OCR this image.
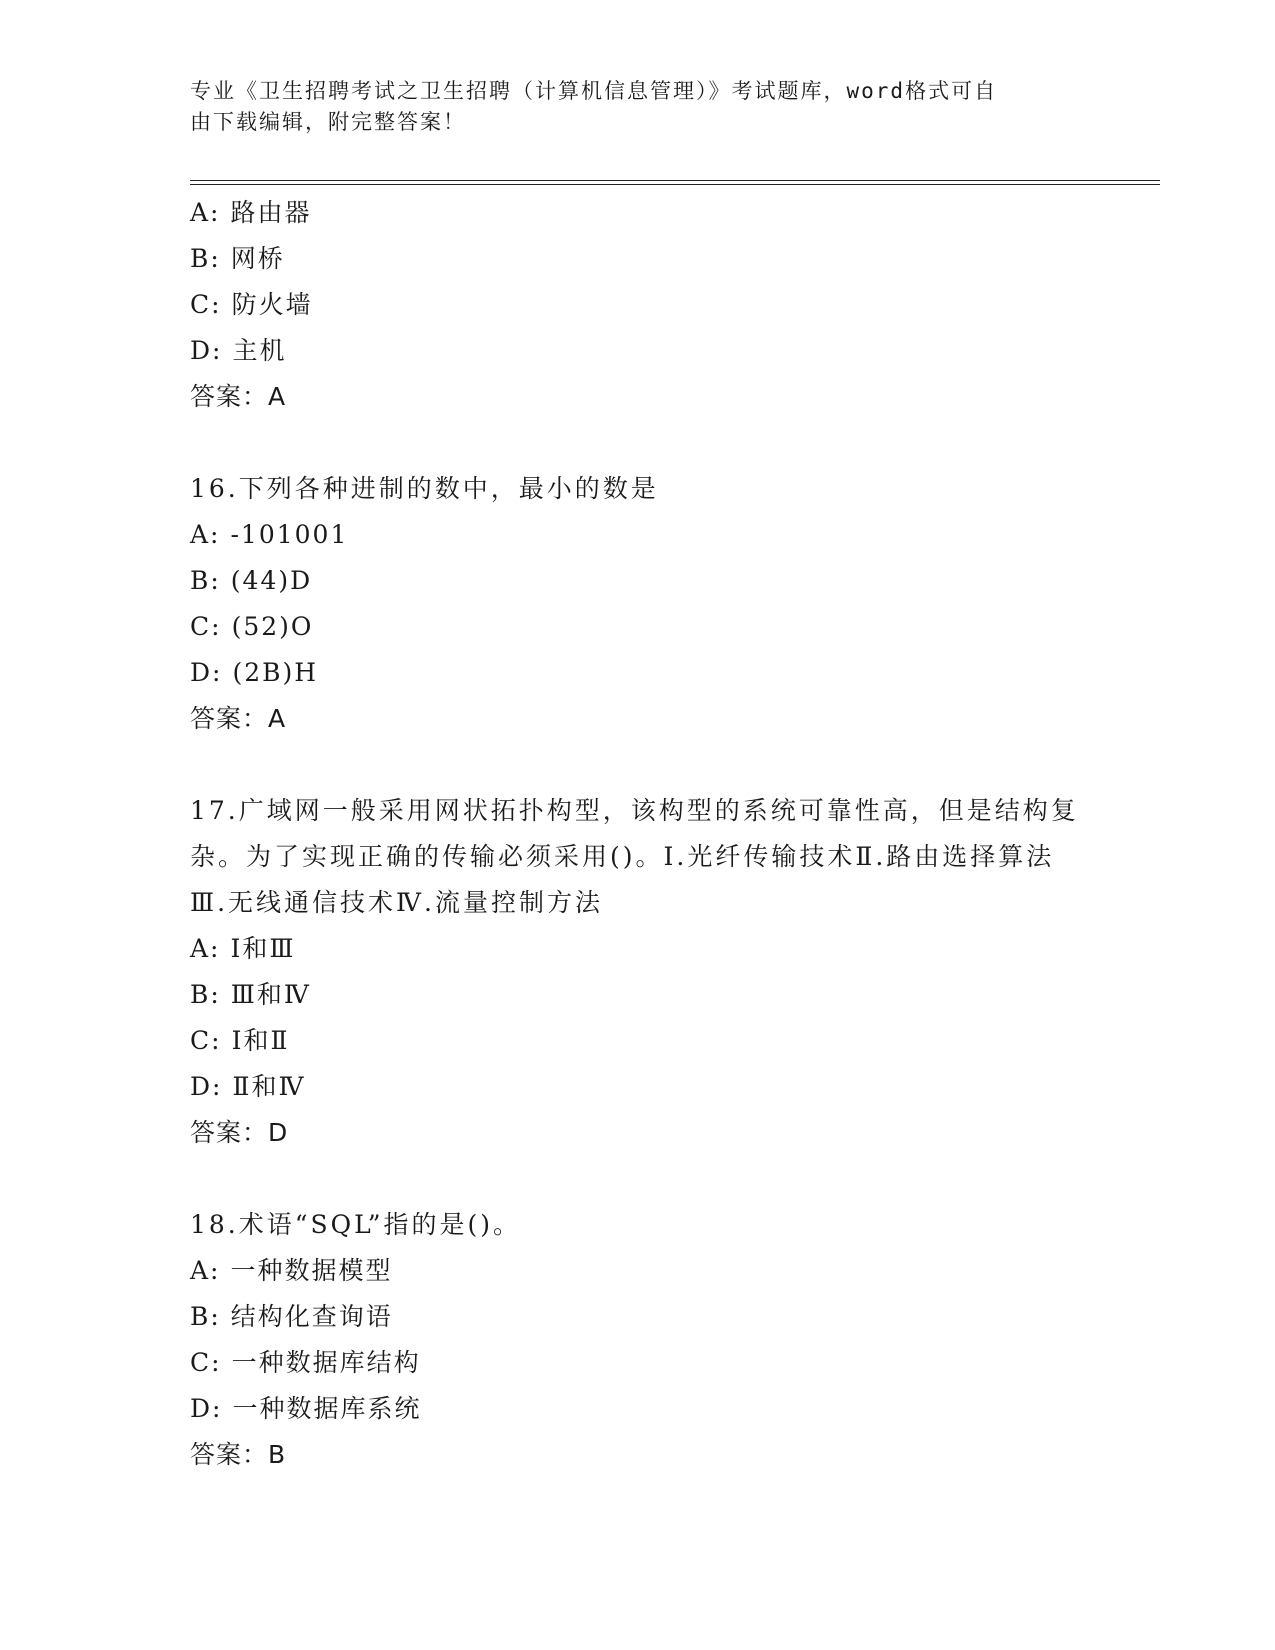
专业《卫生招聘考试之卫生招聘（计算机信息管理）》考试题库，word格式可自
由下载编辑，附完整答案！
A: 路由器
B: 网桥
C: 防火墙
D: 主机
答案：A
16.下列各种进制的数中，最小的数是
A: -101001
B: (44)D
C: (52)O
D: (2B)H
答案：A
17.广域网一般采用网状拓扑构型，该构型的系统可靠性高，但是结构复杂。为了实现正确的传输必须采用()。Ⅰ.光纤传输技术Ⅱ.路由选择算法Ⅲ.无线通信技术Ⅳ.流量控制方法
A: Ⅰ和Ⅲ
B: Ⅲ和Ⅳ
C: Ⅰ和Ⅱ
D: Ⅱ和Ⅳ
答案：D
18.术语“SQL”指的是()。
A: 一种数据模型
B: 结构化查询语
C: 一种数据库结构
D: 一种数据库系统
答案：B
